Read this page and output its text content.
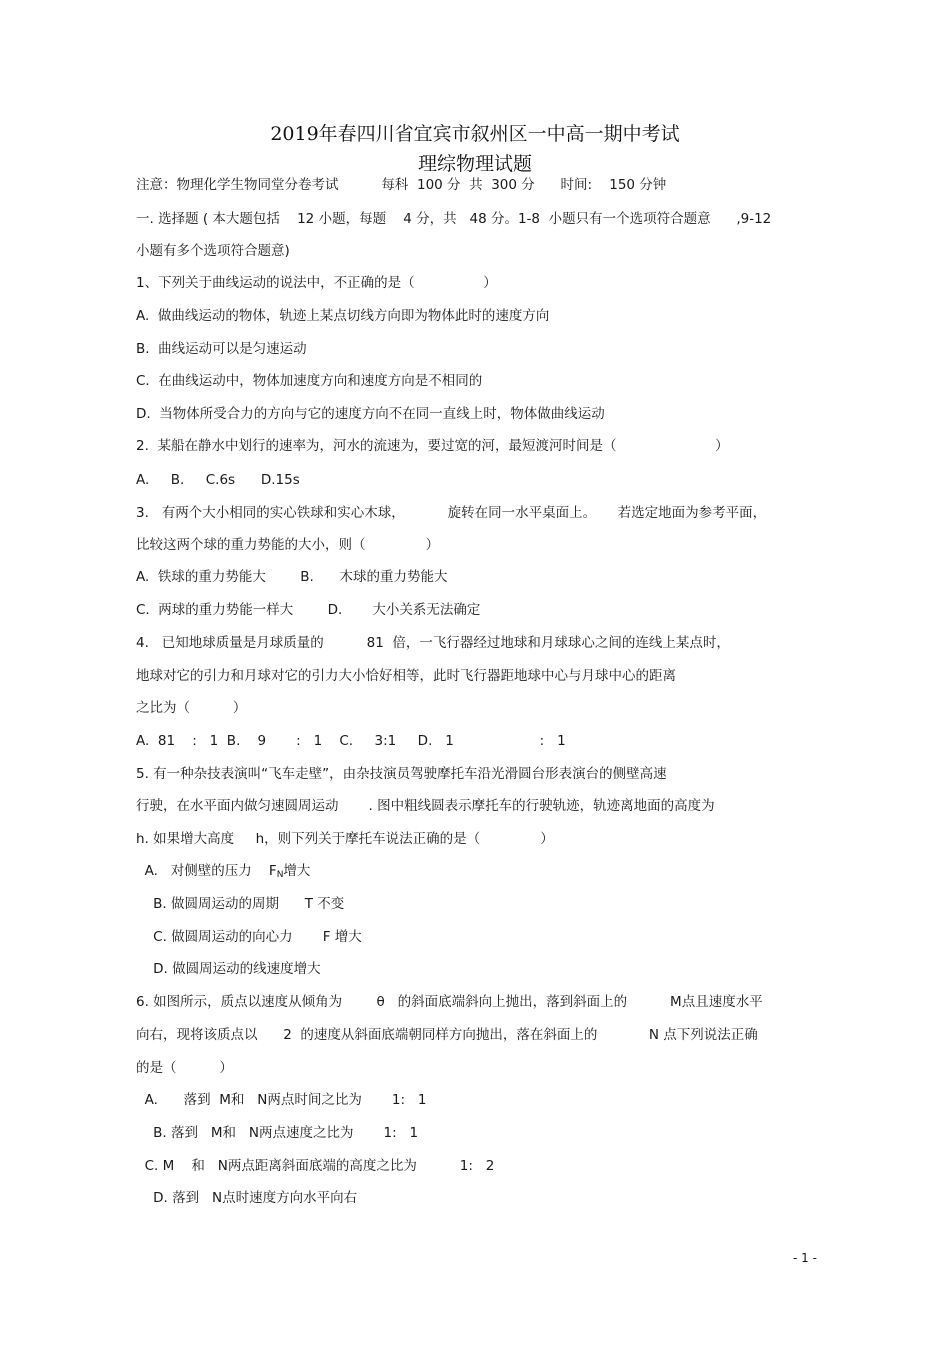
2019年春四川省宜宾市叙州区一中高一期中考试
理综物理试题
注意：物理化学生物同堂分卷考试          每科  100 分  共  300 分      时间:    150 分钟
一. 选择题 ( 本大题包括    12 小题，每题    4 分，共   48 分。1-8  小题只有一个选项符合题意      ,9-12
小题有多个选项符合题意)
1、下列关于曲线运动的说法中，不正确的是（                ）
A.  做曲线运动的物体，轨迹上某点切线方向即为物体此时的速度方向
B.  曲线运动可以是匀速运动
C.  在曲线运动中，物体加速度方向和速度方向是不相同的
D.  当物体所受合力的方向与它的速度方向不在同一直线上时，物体做曲线运动
2.  某船在静水中划行的速率为，河水的流速为，要过宽的河，最短渡河时间是（                       ）
A.     B.     C.6s      D.15s
3.   有两个大小相同的实心铁球和实心木球，          旋转在同一水平桌面上。     若选定地面为参考平面，
比较这两个球的重力势能的大小，则（              ）
A.  铁球的重力势能大        B.      木球的重力势能大
C.  两球的重力势能一样大        D.       大小关系无法确定
4.   已知地球质量是月球质量的          81  倍，一飞行器经过地球和月球球心之间的连线上某点时，
地球对它的引力和月球对它的引力大小恰好相等，此时飞行器距地球中心与月球中心的距离
之比为（          ）
A.  81    :   1  B.    9       :   1    C.     3:1     D.   1                    :   1
5. 有一种杂技表演叫“飞车走壁”，由杂技演员驾驶摩托车沿光滑圆台形表演台的侧壁高速
行驶，在水平面内做匀速圆周运动       . 图中粗线圆表示摩托车的行驶轨迹，轨迹离地面的高度为
h. 如果增大高度     h，则下列关于摩托车说法正确的是（              ）
A.   对侧壁的压力    $F_N$增大
B. 做圆周运动的周期      T 不变
C. 做圆周运动的向心力       F 增大
D. 做圆周运动的线速度增大
6. 如图所示，质点以速度从倾角为        θ   的斜面底端斜向上抛出，落到斜面上的          M点且速度水平
向右，现将该质点以      2  的速度从斜面底端朝同样方向抛出，落在斜面上的            N 点下列说法正确
的是（          ）
A.      落到  M和   N两点时间之比为       1:   1
B. 落到   M和   N两点速度之比为       1:   1
C. M    和   N两点距离斜面底端的高度之比为          1:   2
D. 落到   N点时速度方向水平向右
- 1 -
